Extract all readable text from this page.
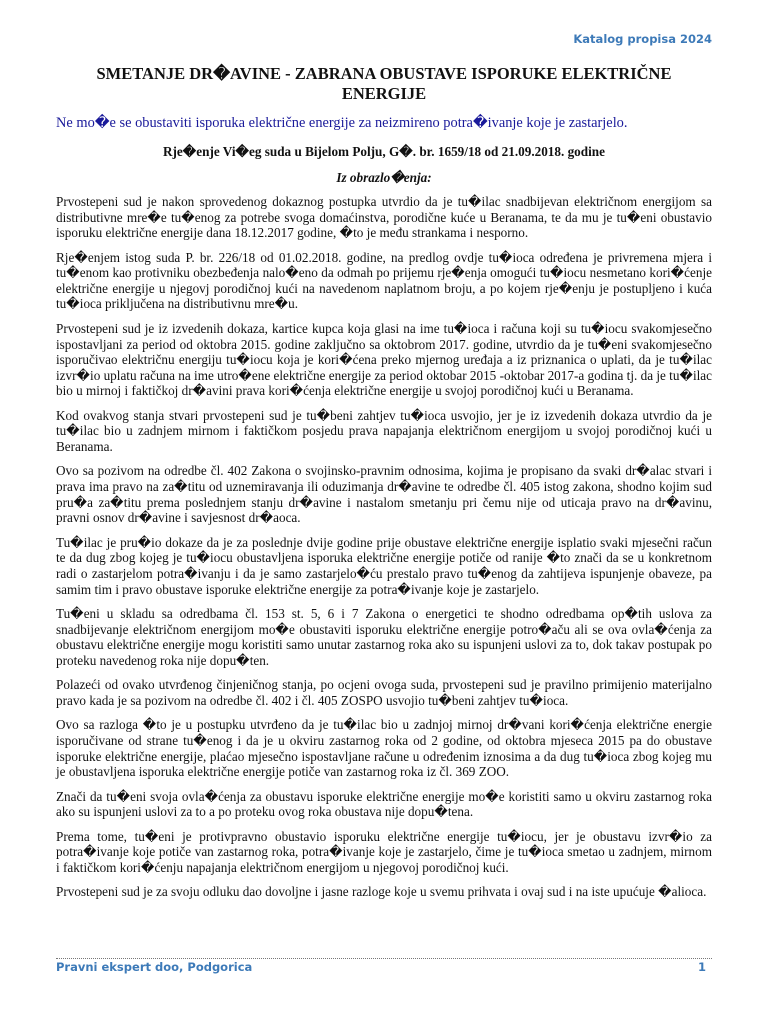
Katalog propisa 2024
SMETANJE DR�AVINE - ZABRANA OBUSTAVE ISPORUKE ELEKTRIČNE ENERGIJE
Ne mo�e se obustaviti isporuka električne energije za neizmireno potra�ivanje koje je zastarjelo.
Rje�enje Vi�eg suda u Bijelom Polju, G�. br. 1659/18 od 21.09.2018. godine
Iz obrazlo�enja:

Prvostepeni sud je nakon sprovedenog dokaznog postupka utvrdio da je tu�ilac snadbijevan električnom energijom sa distributivne mre�e tu�enog za potrebe svoga domaćinstva, porodične kuće u Beranama, te da mu je tu�eni obustavio isporuku električne energije dana 18.12.2017 godine, �to je među strankama i nesporno.

Rje�enjem istog suda P. br. 226/18 od 01.02.2018. godine, na predlog ovdje tu�ioca određena je privremena mjera i tu�enom kao protivniku obezbeđenja nalo�eno da odmah po prijemu rje�enja omogući tu�iocu nesmetano kori�ćenje električne energije u njegovj porodičnoj kući na navedenom naplatnom broju, a po kojem rje�enju je postupljeno i kuća tu�ioca priključena na distributivnu mre�u.

Prvostepeni sud je iz izvedenih dokaza, kartice kupca koja glasi na ime tu�ioca i računa koji su tu�iocu svakomjesečno ispostavljani za period od oktobra 2015. godine zaključno sa oktobrom 2017. godine, utvrdio da je tu�eni svakomjesečno isporučivao električnu energiju tu�iocu koja je kori�ćena preko mjernog uređaja a iz priznanica o uplati, da je tu�ilac izvr�io uplatu računa na ime utro�ene električne energije za period oktobar 2015 -oktobar 2017-a godina tj. da je tu�ilac bio u mirnoj i faktičkoj dr�avini prava kori�ćenja električne energije u svojoj porodičnoj kući u Beranama.

Kod ovakvog stanja stvari prvostepeni sud je tu�beni zahtjev tu�ioca usvojio, jer je iz izvedenih dokaza utvrdio da je tu�ilac bio u zadnjem mirnom i faktičkom posjedu prava napajanja električnom energijom u svojoj porodičnoj kući u Beranama.

Ovo sa pozivom na odredbe čl. 402 Zakona o svojinsko-pravnim odnosima, kojima je propisano da svaki dr�alac stvari i prava ima pravo na za�titu od uznemiravanja ili oduzimanja dr�avine te odredbe čl. 405 istog zakona, shodno kojim sud pru�a za�titu prema poslednjem stanju dr�avine i nastalom smetanju pri čemu nije od uticaja pravo na dr�avinu, pravni osnov dr�avine i savjesnost dr�aoca.

Tu�ilac je pru�io dokaze da je za poslednje dvije godine prije obustave električne energije isplatio svaki mjesečni račun te da dug zbog kojeg je tu�iocu obustavljena isporuka električne energije potiče od ranije �to znači da se u konkretnom radi o zastarjelom potra�ivanju i da je samo zastarjelo�ću prestalo pravo tu�enog da zahtijeva ispunjenje obaveze, pa samim tim i pravo obustave isporuke električne energije za potra�ivanje koje je zastarjelo.

Tu�eni u skladu sa odredbama čl. 153 st. 5, 6 i 7 Zakona o energetici te shodno odredbama op�tih uslova za snadbijevanje električnom energijom mo�e obustaviti isporuku električne energije potro�aču ali se ova ovla�ćenja za obustavu električne energije mogu koristiti samo unutar zastarnog roka ako su ispunjeni uslovi za to, dok takav postupak po proteku navedenog roka nije dopu�ten.

Polazeći od ovako utvrđenog činjeničnog stanja, po ocjeni ovoga suda, prvostepeni sud je pravilno primijenio materijalno pravo kada je sa pozivom na odredbe čl. 402 i čl. 405 ZOSPO usvojio tu�beni zahtjev tu�ioca.

Ovo sa razloga �to je u postupku utvrđeno da je tu�ilac bio u zadnjoj mirnoj dr�vani kori�ćenja električne energie isporučivane od strane tu�enog i da je u okviru zastarnog roka od 2 godine, od oktobra mjeseca 2015 pa do obustave isporuke električne energije, plaćao mjesečno ispostavljane račune u određenim iznosima a da dug tu�ioca zbog kojeg mu je obustavljena isporuka električne energije potiče van zastarnog roka iz čl. 369 ZOO.

Znači da tu�eni svoja ovla�ćenja za obustavu isporuke električne energije mo�e koristiti samo u okviru zastarnog roka ako su ispunjeni uslovi za to a po proteku ovog roka obustava nije dopu�tena.

Prema tome, tu�eni je protivpravno obustavio isporuku električne energije tu�iocu, jer je obustavu izvr�io za potra�ivanje koje potiče van zastarnog roka, potra�ivanje koje je zastarjelo, čime je tu�ioca smetao u zadnjem, mirnom i faktičkom kori�ćenju napajanja električnom energijom u njegovoj porodičnoj kući.

Prvostepeni sud je za svoju odluku dao dovoljne i jasne razloge koje u svemu prihvata i ovaj sud i na iste upućuje �alioca.

Pravni ekspert doo, Podgorica	1
